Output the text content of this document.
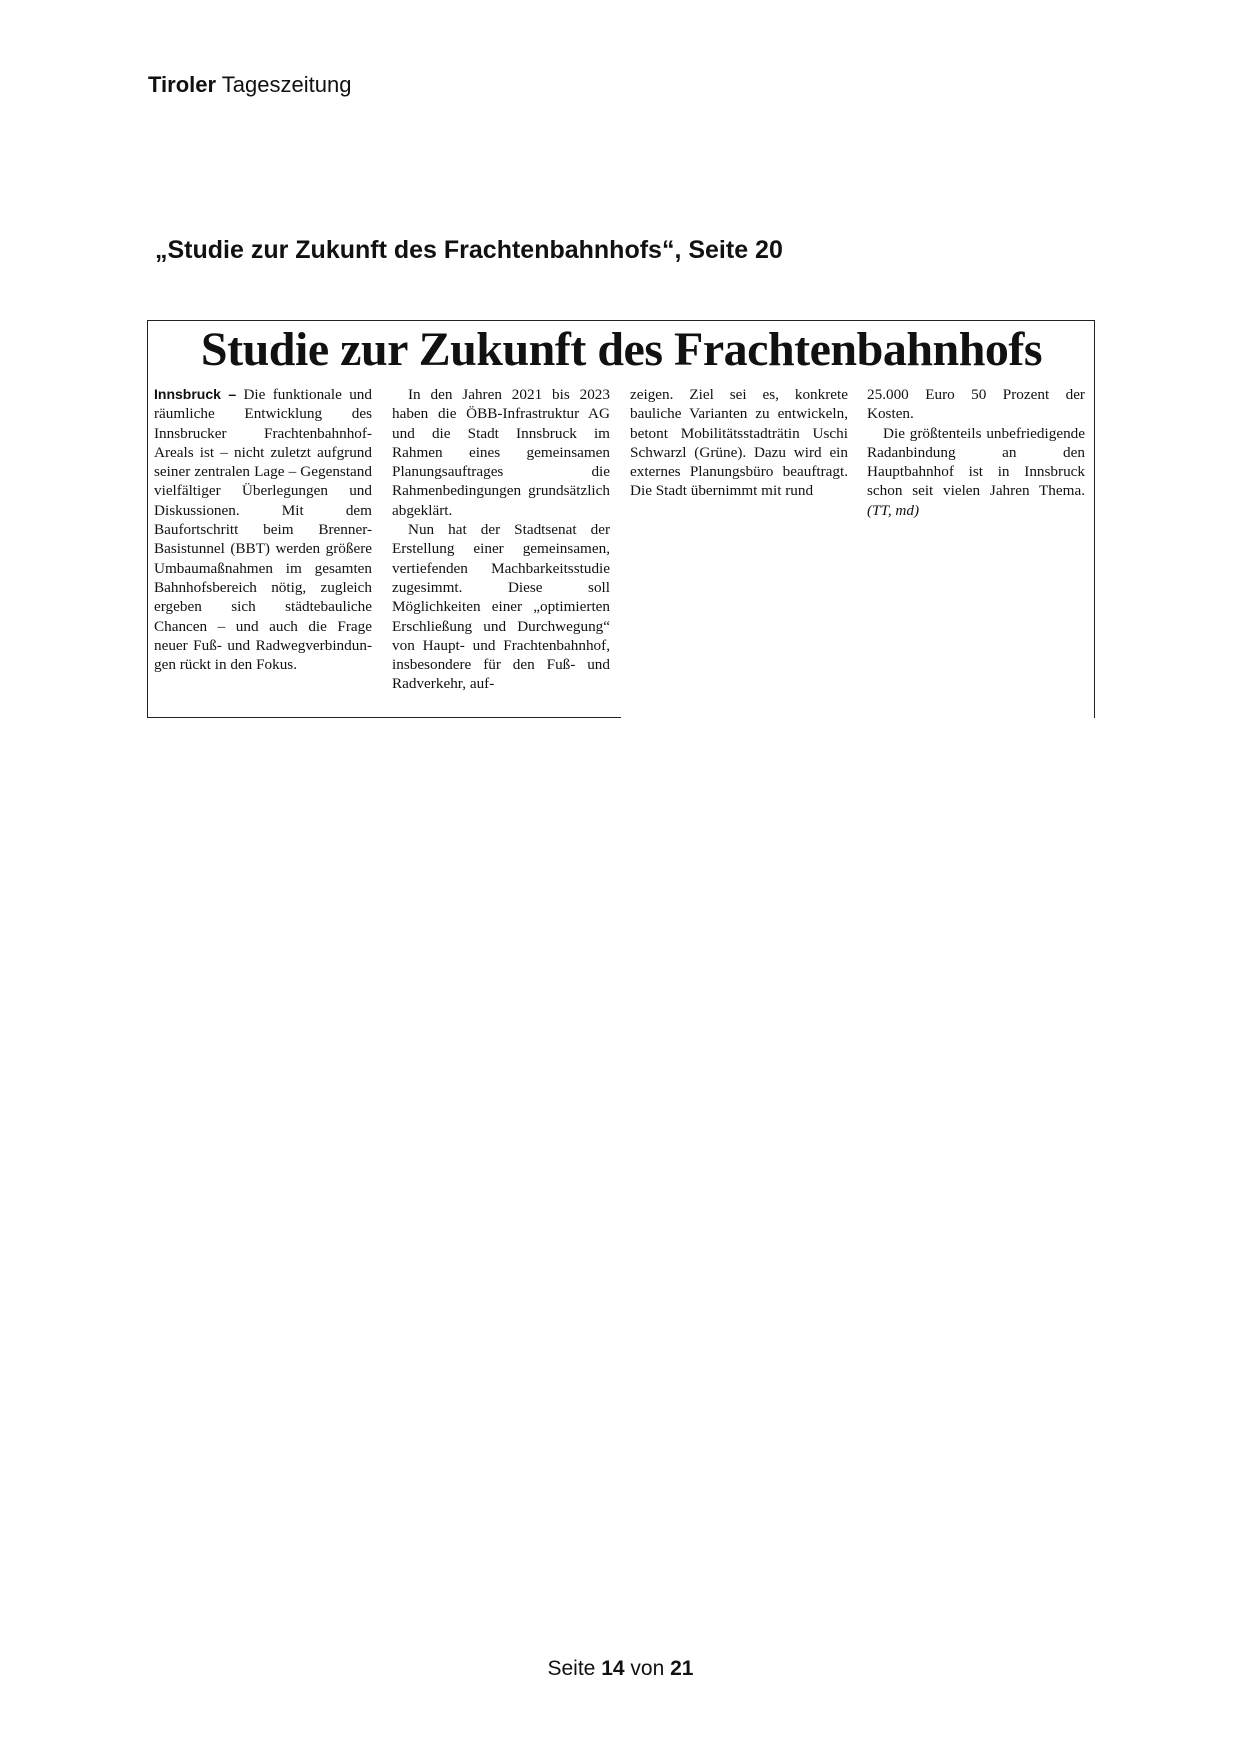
Tiroler Tageszeitung
„Studie zur Zukunft des Frachtenbahnhofs“, Seite 20
Studie zur Zukunft des Frachtenbahnhofs

Innsbruck – Die funktionale und räumliche Entwicklung des Innsbrucker Frachtenbahnhof-Areals ist – nicht zuletzt aufgrund seiner zentralen Lage – Gegenstand vielfältiger Überlegungen und Diskussionen. Mit dem Baufortschritt beim Brenner-Basistunnel (BBT) werden größere Umbaumaßnahmen im gesamten Bahnhofsbereich nötig, zugleich ergeben sich städtebauliche Chancen – und auch die Frage neuer Fuß- und Radwegverbindungen rückt in den Fokus.

In den Jahren 2021 bis 2023 haben die ÖBB-Infrastruktur AG und die Stadt Innsbruck im Rahmen eines gemeinsamen Planungsauftrages die Rahmenbedingungen grundsätzlich abgeklärt.

Nun hat der Stadtsenat der Erstellung einer gemeinsamen, vertiefenden Machbarkeitsstudie zugesimmt. Diese soll Möglichkeiten einer „optimierten Erschließung und Durchwegung“ von Haupt- und Frachtenbahnhof, insbesondere für den Fuß- und Radverkehr, auf-

zeigen. Ziel sei es, konkrete bauliche Varianten zu entwickeln, betont Mobilitätsstadträtin Uschi Schwarzl (Grüne). Dazu wird ein externes Planungsbüro beauftragt. Die Stadt übernimmt mit rund

25.000 Euro 50 Prozent der Kosten.

Die größtenteils unbefriedigende Radanbindung an den Hauptbahnhof ist in Innsbruck schon seit vielen Jahren Thema. (TT, md)

Seite 14 von 21
